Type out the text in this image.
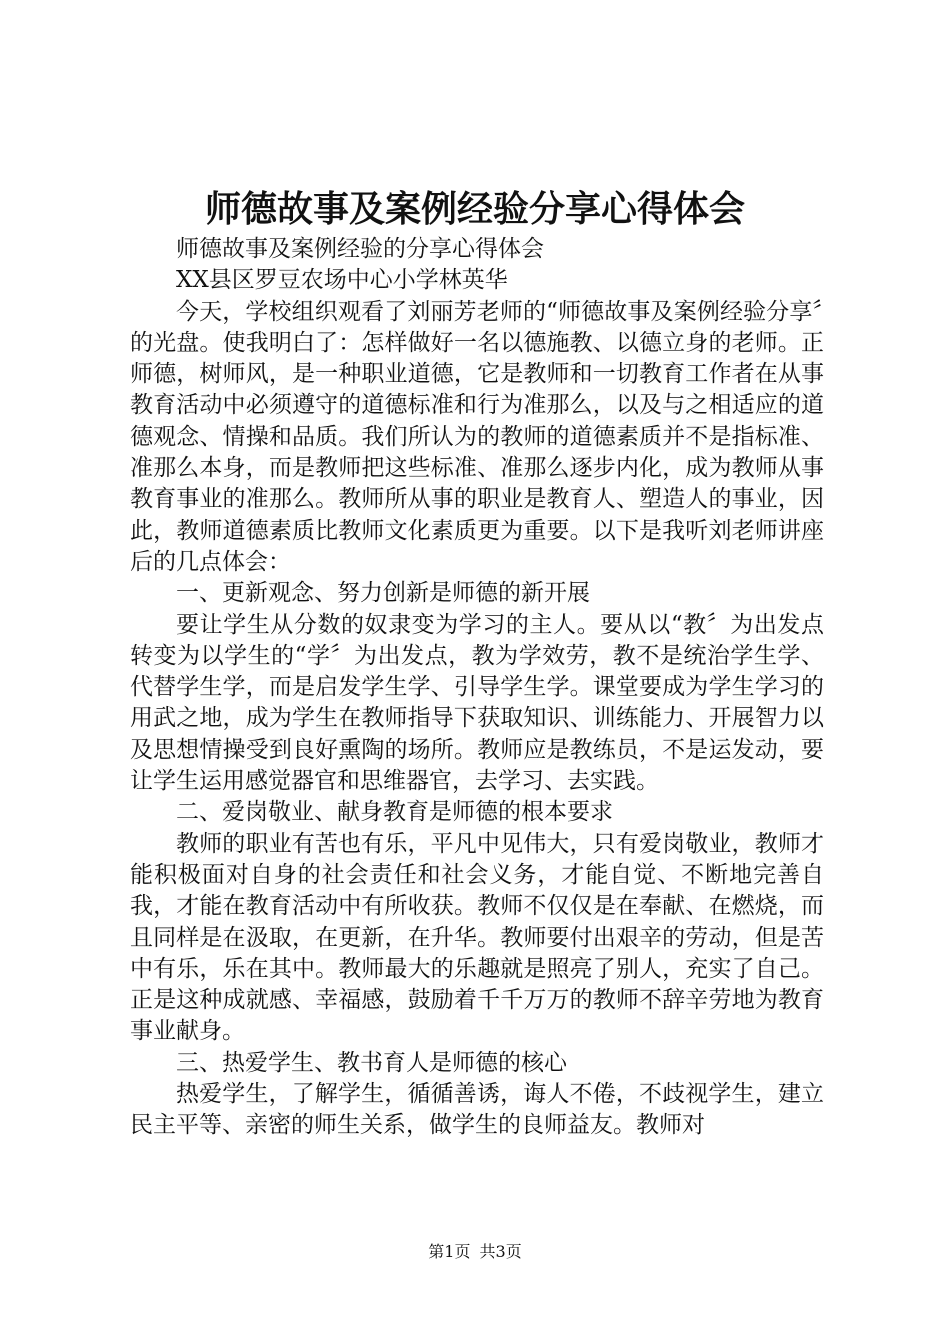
师德故事及案例经验分享心得体会

师德故事及案例经验的分享心得体会

XX县区罗豆农场中心小学林英华

今天，学校组织观看了刘丽芳老师的“师德故事及案例经验分享〞的光盘。使我明白了：怎样做好一名以德施教、以德立身的老师。正师德，树师风，是一种职业道德，它是教师和一切教育工作者在从事教育活动中必须遵守的道德标准和行为准那么，以及与之相适应的道德观念、情操和品质。我们所认为的教师的道德素质并不是指标准、准那么本身，而是教师把这些标准、准那么逐步内化，成为教师从事教育事业的准那么。教师所从事的职业是教育人、塑造人的事业，因此，教师道德素质比教师文化素质更为重要。以下是我听刘老师讲座后的几点体会：

一、更新观念、努力创新是师德的新开展

要让学生从分数的奴隶变为学习的主人。要从以“教〞为出发点转变为以学生的“学〞为出发点，教为学效劳，教不是统治学生学、代替学生学，而是启发学生学、引导学生学。课堂要成为学生学习的用武之地，成为学生在教师指导下获取知识、训练能力、开展智力以及思想情操受到良好熏陶的场所。教师应是教练员，不是运发动，要让学生运用感觉器官和思维器官，去学习、去实践。

二、爱岗敬业、献身教育是师德的根本要求

教师的职业有苦也有乐，平凡中见伟大，只有爱岗敬业，教师才能积极面对自身的社会责任和社会义务，才能自觉、不断地完善自我，才能在教育活动中有所收获。教师不仅仅是在奉献、在燃烧，而且同样是在汲取，在更新，在升华。教师要付出艰辛的劳动，但是苦中有乐，乐在其中。教师最大的乐趣就是照亮了别人，充实了自己。正是这种成就感、幸福感，鼓励着千千万万的教师不辞辛劳地为教育事业献身。

三、热爱学生、教书育人是师德的核心

热爱学生，了解学生，循循善诱，诲人不倦，不歧视学生，建立民主平等、亲密的师生关系，做学生的良师益友。教师对

第1页 共3页
